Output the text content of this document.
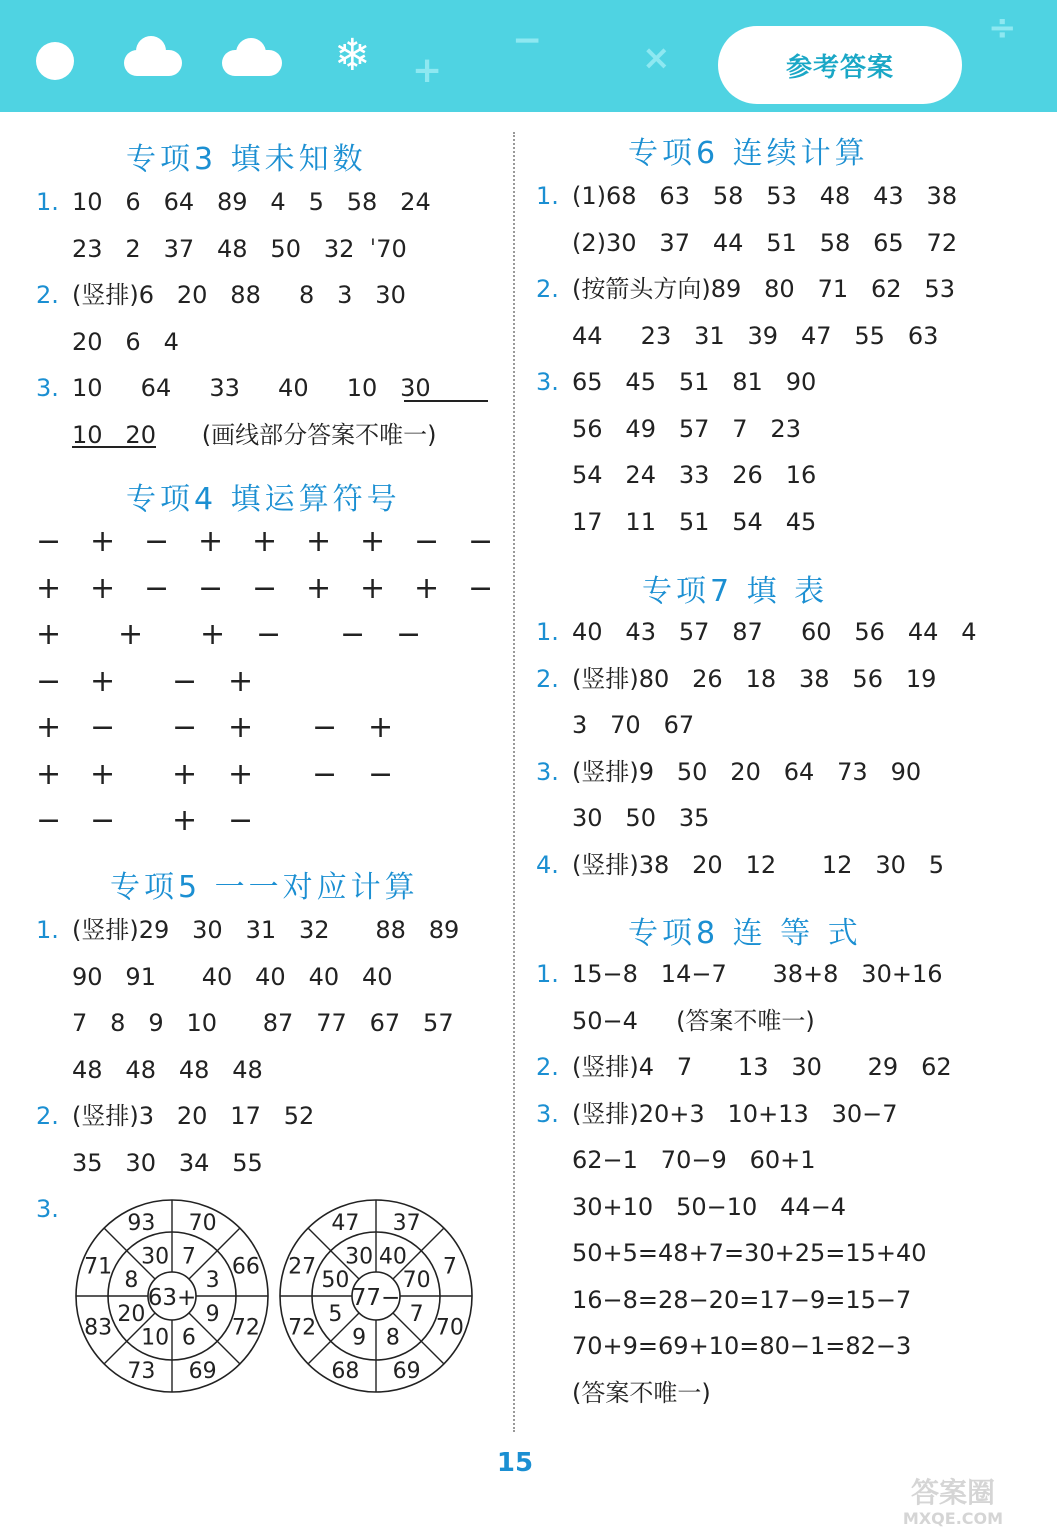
❄ +
−	×
÷
参考答案
专项3 填未知数
1. 10   6   64   89   4   5   58   24
23   2   37   48   50   32  ˈ70
2. (竖排)6   20   88     8   3   30
20   6   4
3. 10     64     33     40     10   30
10   20      (画线部分答案不唯一)
专项4 填运算符号
− + − + + + + − −
+ + − − − + + + −
+ + + − − −
− + − +
+ − − + − +
+ + + + − −
− − + −
专项5 一一对应计算
1. (竖排)29   30   31   32      88   89
90   91      40   40   40   40
7   8   9   10      87   77   67   57
48   48   48   48
2. (竖排)3   20   17   52
35   30   34   55
3.
63+
7
3
9
6
10
20
8
30
70
66
72
69
73
83
71
93
77−
40
70
7
8
9
5
50
30
37
7
70
69
68
72
27
47
专项6 连续计算
1. (1)68   63   58   53   48   43   38
(2)30   37   44   51   58   65   72
2. (按箭头方向)89   80   71   62   53
44     23   31   39   47   55   63
3. 65   45   51   81   90
56   49   57   7   23
54   24   33   26   16
17   11   51   54   45
专项7 填 表
1. 40   43   57   87     60   56   44   4
2. (竖排)80   26   18   38   56   19
3   70   67
3. (竖排)9   50   20   64   73   90
30   50   35
4. (竖排)38   20   12      12   30   5
专项8 连 等 式
1. 15−8   14−7      38+8   30+16
50−4     (答案不唯一)
2. (竖排)4   7      13   30      29   62
3. (竖排)20+3   10+13   30−7
62−1   70−9   60+1
30+10   50−10   44−4
50+5=48+7=30+25=15+40
16−8=28−20=17−9=15−7
70+9=69+10=80−1=82−3
(答案不唯一)
15
答案圈
MXQE.COM
